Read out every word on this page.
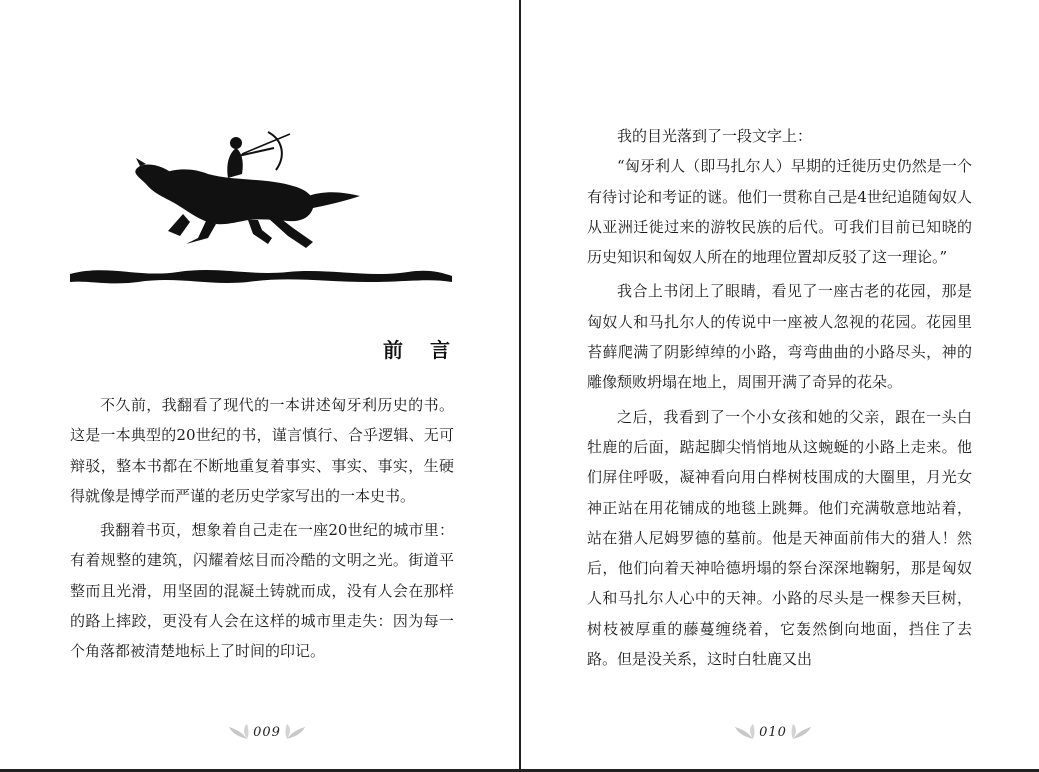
前 言

不久前，我翻看了现代的一本讲述匈牙利历史的书。这是一本典型的20世纪的书，谨言慎行、合乎逻辑、无可辩驳，整本书都在不断地重复着事实、事实、事实，生硬得就像是博学而严谨的老历史学家写出的一本史书。

我翻着书页，想象着自己走在一座20世纪的城市里：有着规整的建筑，闪耀着炫目而冷酷的文明之光。街道平整而且光滑，用坚固的混凝土铸就而成，没有人会在那样的路上摔跤，更没有人会在这样的城市里走失：因为每一个角落都被清楚地标上了时间的印记。

009

我的目光落到了一段文字上：

“匈牙利人（即马扎尔人）早期的迁徙历史仍然是一个有待讨论和考证的谜。他们一贯称自己是4世纪追随匈奴人从亚洲迁徙过来的游牧民族的后代。可我们目前已知晓的历史知识和匈奴人所在的地理位置却反驳了这一理论。”

我合上书闭上了眼睛，看见了一座古老的花园，那是匈奴人和马扎尔人的传说中一座被人忽视的花园。花园里苔藓爬满了阴影绰绰的小路，弯弯曲曲的小路尽头，神的雕像颓败坍塌在地上，周围开满了奇异的花朵。

之后，我看到了一个小女孩和她的父亲，跟在一头白牡鹿的后面，踮起脚尖悄悄地从这蜿蜒的小路上走来。他们屏住呼吸，凝神看向用白桦树枝围成的大圈里，月光女神正站在用花铺成的地毯上跳舞。他们充满敬意地站着，站在猎人尼姆罗德的墓前。他是天神面前伟大的猎人！然后，他们向着天神哈德坍塌的祭台深深地鞠躬，那是匈奴人和马扎尔人心中的天神。小路的尽头是一棵参天巨树，树枝被厚重的藤蔓缠绕着，它轰然倒向地面，挡住了去路。但是没关系，这时白牡鹿又出

010
